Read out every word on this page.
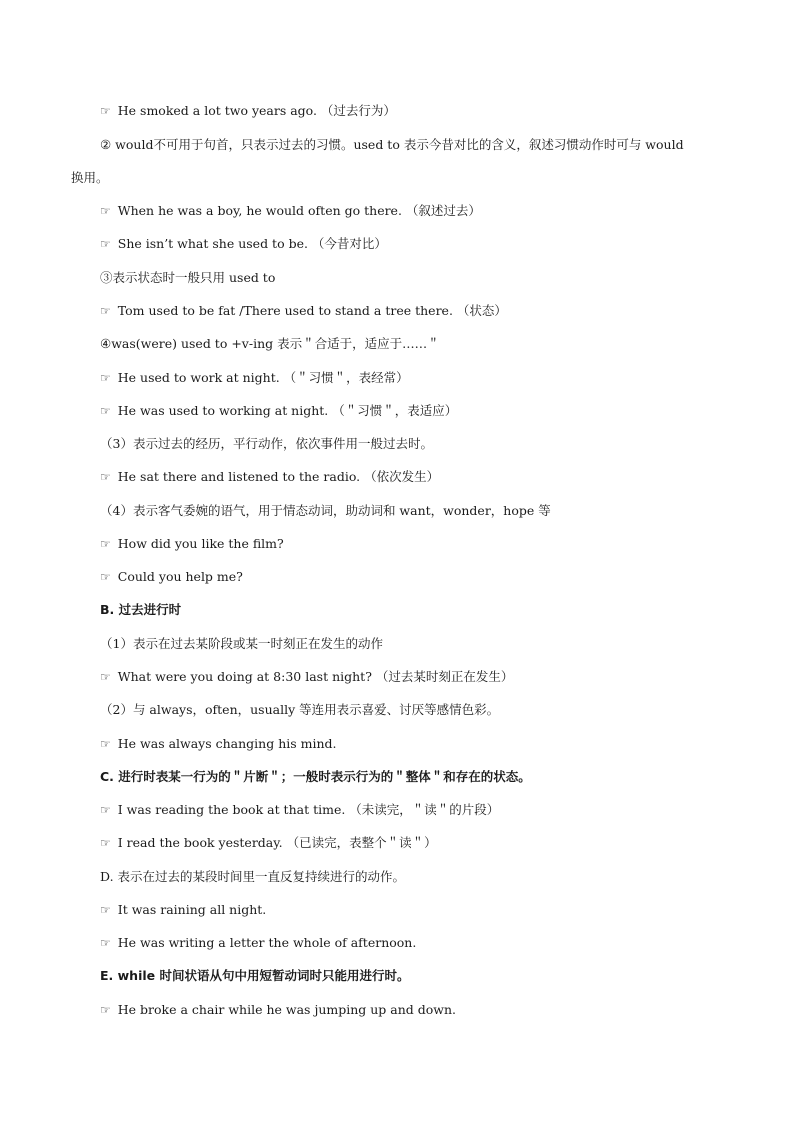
☞ He smoked a lot two years ago. （过去行为）
② would不可用于句首，只表示过去的习惯。used to 表示今昔对比的含义，叙述习惯动作时可与 would
换用。
☞ When he was a boy, he would often go there. （叙述过去）
☞ She isn’t what she used to be. （今昔对比）
③表示状态时一般只用 used to
☞ Tom used to be fat /There used to stand a tree there. （状态）
④was(were) used to +v-ing 表示＂合适于，适应于……＂
☞ He used to work at night. （＂习惯＂，表经常）
☞ He was used to working at night. （＂习惯＂，表适应）
（3）表示过去的经历，平行动作，依次事件用一般过去时。
☞ He sat there and listened to the radio. （依次发生）
（4）表示客气委婉的语气，用于情态动词，助动词和 want，wonder，hope 等
☞ How did you like the film?
☞ Could you help me?
B. 过去进行时
（1）表示在过去某阶段或某一时刻正在发生的动作
☞ What were you doing at 8:30 last night? （过去某时刻正在发生）
（2）与 always，often，usually 等连用表示喜爱、讨厌等感情色彩。
☞ He was always changing his mind.
C. 进行时表某一行为的＂片断＂；一般时表示行为的＂整体＂和存在的状态。
☞ I was reading the book at that time. （未读完，＂读＂的片段）
☞ I read the book yesterday. （已读完，表整个＂读＂）
D. 表示在过去的某段时间里一直反复持续进行的动作。
☞ It was raining all night.
☞ He was writing a letter the whole of afternoon.
E. while 时间状语从句中用短暂动词时只能用进行时。
☞ He broke a chair while he was jumping up and down.
